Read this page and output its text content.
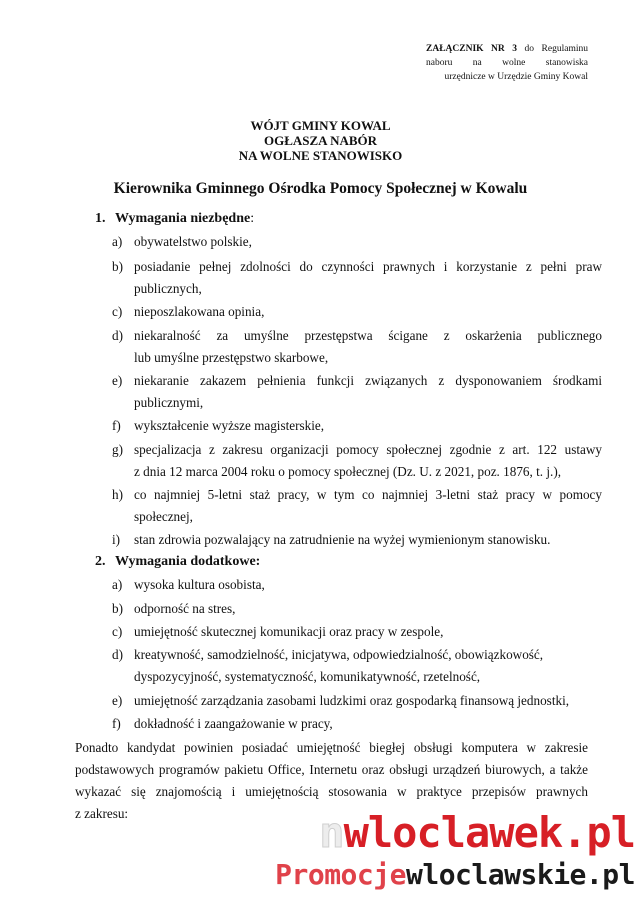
ZAŁĄCZNIK NR 3 do Regulaminu
naboru na wolne stanowiska
urzędnicze w Urzędzie Gminy Kowal
WÓJT GMINY KOWAL
OGŁASZA NABÓR
NA WOLNE STANOWISKO
Kierownika Gminnego Ośrodka Pomocy Społecznej w Kowalu
1. Wymagania niezbędne:
a) obywatelstwo polskie,
b) posiadanie pełnej zdolności do czynności prawnych i korzystanie z pełni praw
publicznych,
c) nieposzlakowana opinia,
d) niekaralność za umyślne przestępstwa ścigane z oskarżenia publicznego
lub umyślne przestępstwo skarbowe,
e) niekaranie zakazem pełnienia funkcji związanych z dysponowaniem środkami
publicznymi,
f) wykształcenie wyższe magisterskie,
g) specjalizacja z zakresu organizacji pomocy społecznej zgodnie z art. 122 ustawy
z dnia 12 marca 2004 roku o pomocy społecznej (Dz. U. z 2021, poz. 1876, t. j.),
h) co najmniej 5-letni staż pracy, w tym co najmniej 3-letni staż pracy w pomocy
społecznej,
i) stan zdrowia pozwalający na zatrudnienie na wyżej wymienionym stanowisku.
2. Wymagania dodatkowe:
a) wysoka kultura osobista,
b) odporność na stres,
c) umiejętność skutecznej komunikacji oraz pracy w zespole,
d) kreatywność, samodzielność, inicjatywa, odpowiedzialność, obowiązkowość,
dyspozycyjność, systematyczność, komunikatywność, rzetelność,
e) umiejętność zarządzania zasobami ludzkimi oraz gospodarką finansową jednostki,
f) dokładność i zaangażowanie w pracy,
Ponadto kandydat powinien posiadać umiejętność biegłej obsługi komputera w zakresie
podstawowych programów pakietu Office, Internetu oraz obsługi urządzeń biurowych, a także
wykazać się znajomością i umiejętnością stosowania w praktyce przepisów prawnych
z zakresu:	nwloclawek.pl
Promocjewloclawskie.pl
